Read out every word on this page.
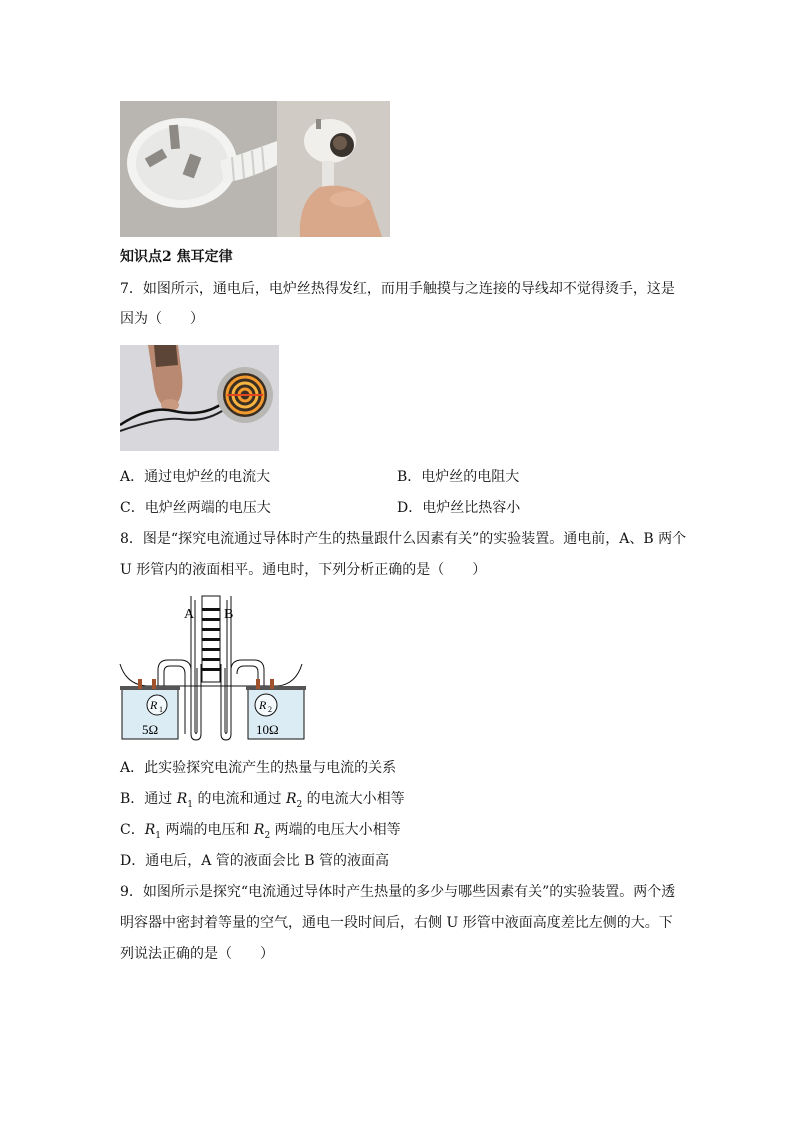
知识点2 焦耳定律
7．如图所示，通电后，电炉丝热得发红，而用手触摸与之连接的导线却不觉得烫手，这是
因为（　　）
A．通过电炉丝的电流大	B．电炉丝的电阻大
C．电炉丝两端的电压大	D．电炉丝比热容小
8．图是“探究电流通过导体时产生的热量跟什么因素有关”的实验装置。通电前，A、B 两个
U 形管内的液面相平。通电时，下列分析正确的是（　　）
A B
R 1
5Ω
R 2
10Ω
A．此实验探究电流产生的热量与电流的关系
B．通过 $R_1$ 的电流和通过 $R_2$ 的电流大小相等
C．$R_1$ 两端的电压和 $R_2$ 两端的电压大小相等
D．通电后，A 管的液面会比 B 管的液面高
9．如图所示是探究“电流通过导体时产生热量的多少与哪些因素有关”的实验装置。两个透
明容器中密封着等量的空气，通电一段时间后，右侧 U 形管中液面高度差比左侧的大。下
列说法正确的是（　　）
